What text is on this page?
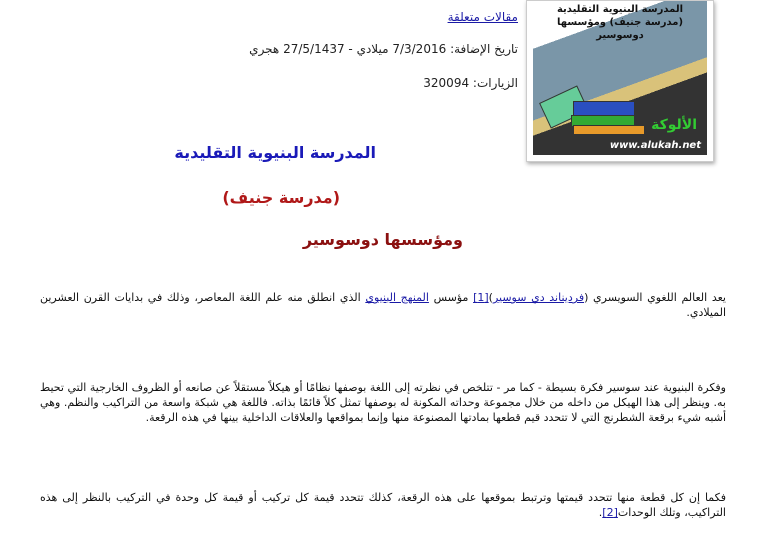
المدرسة البنيوية التقليدية
(مدرسة جنيف) ومؤسسها دوسوسير
الألوكة
www.alukah.net
مقالات متعلقة
تاريخ الإضافة: 7/3/2016 ميلادي - 27/5/1437 هجري
الزيارات: 320094
المدرسة البنيوية التقليدية
(مدرسة جنيف)
ومؤسسها دوسوسير

يعد العالم اللغوي السويسري (فرديناند دي سوسير)[1] مؤسس المنهج البنيوي الذي انطلق منه علم اللغة المعاصر، وذلك في بدايات القرن العشرين الميلادي.

وفكرة البنيوية عند سوسير فكرة بسيطة - كما مر - تتلخص في نظرته إلى اللغة بوصفها نظامًا أو هيكلاً مستقلاً عن صانعه أو الظروف الخارجية التي تحيط به. وينظر إلى هذا الهيكل من داخله من خلال مجموعة وحداته المكونة له بوصفها تمثل كلاً قائمًا بذاته. فاللغة هي شبكة واسعة من التراكيب والنظم. وهي أشبه شيء برقعة الشطرنج التي لا تتحدد قيم قطعها بمادتها المصنوعة منها وإنما بمواقعها والعلاقات الداخلية بينها في هذه الرقعة.

فكما إن كل قطعة منها تتحدد قيمتها وترتبط بموقعها على هذه الرقعة، كذلك تتحدد قيمة كل تركيب أو قيمة كل وحدة في التركيب بالنظر إلى هذه التراكيب، وتلك الوحدات[2].
